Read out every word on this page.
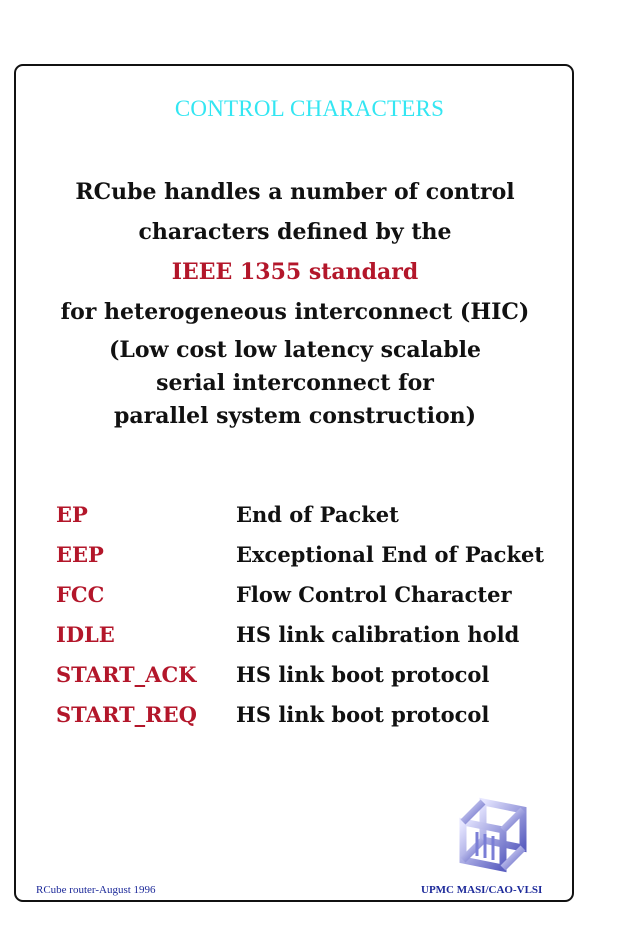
CONTROL CHARACTERS
RCube handles a number of control
characters defined by the
IEEE 1355 standard
for heterogeneous interconnect (HIC)
(Low cost low latency scalable
serial interconnect for
parallel system construction)
EP	End of Packet
EEP	Exceptional End of Packet
FCC	Flow Control Character
IDLE	HS link calibration hold
START_ACK	HS link boot protocol
START_REQ	HS link boot protocol
RCube router-August 1996	UPMC MASI/CAO-VLSI
